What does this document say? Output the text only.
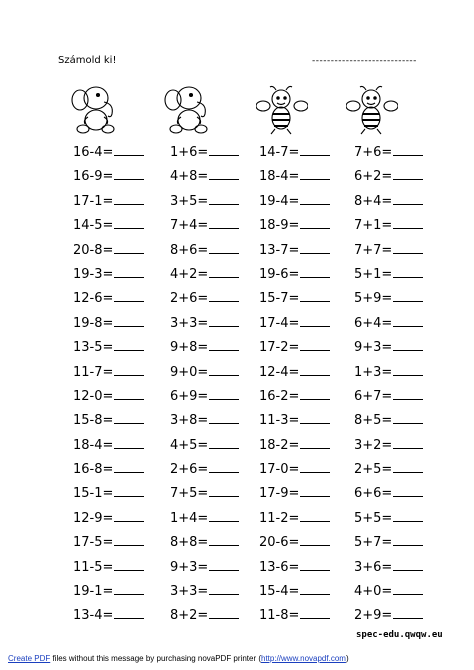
Számold ki!	----------------------------
16-4=
16-9=
17-1=
14-5=
20-8=
19-3=
12-6=
19-8=
13-5=
11-7=
12-0=
15-8=
18-4=
16-8=
15-1=
12-9=
17-5=
11-5=
19-1=
13-4=
1+6=
4+8=
3+5=
7+4=
8+6=
4+2=
2+6=
3+3=
9+8=
9+0=
6+9=
3+8=
4+5=
2+6=
7+5=
1+4=
8+8=
9+3=
3+3=
8+2=
14-7=
18-4=
19-4=
18-9=
13-7=
19-6=
15-7=
17-4=
17-2=
12-4=
16-2=
11-3=
18-2=
17-0=
17-9=
11-2=
20-6=
13-6=
15-4=
11-8=
7+6=
6+2=
8+4=
7+1=
7+7=
5+1=
5+9=
6+4=
9+3=
1+3=
6+7=
8+5=
3+2=
2+5=
6+6=
5+5=
5+7=
3+6=
4+0=
2+9=
spec-edu.qwqw.eu
Create PDF files without this message by purchasing novaPDF printer (http://www.novapdf.com)
